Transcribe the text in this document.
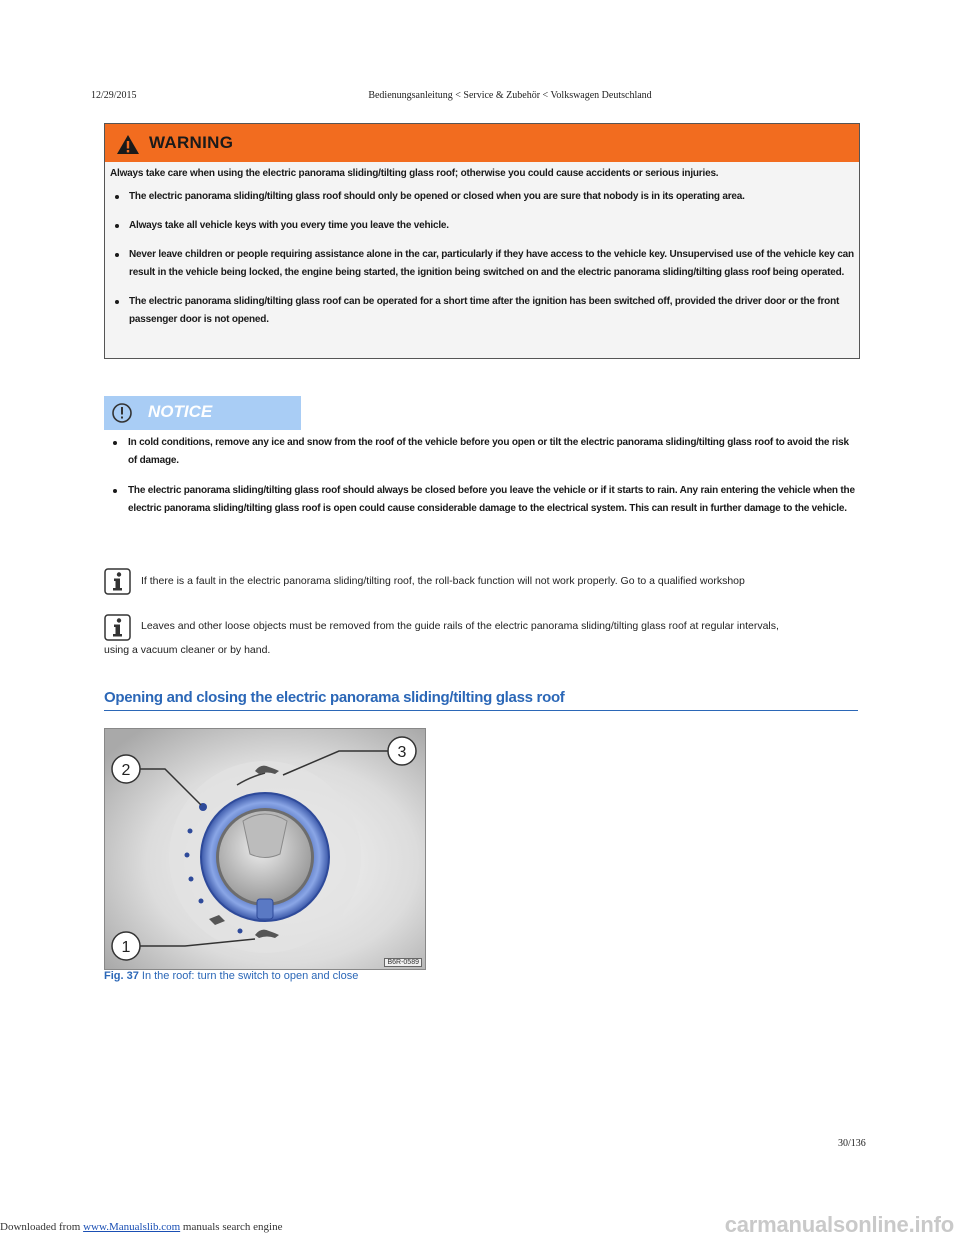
12/29/2015	Bedienungsanleitung < Service & Zubehör < Volkswagen Deutschland
WARNING
Always take care when using the electric panorama sliding/tilting glass roof; otherwise you could cause accidents or serious injuries.
The electric panorama sliding/tilting glass roof should only be opened or closed when you are sure that nobody is in its operating area.
Always take all vehicle keys with you every time you leave the vehicle.
Never leave children or people requiring assistance alone in the car, particularly if they have access to the vehicle key. Unsupervised use of the vehicle key can result in the vehicle being locked, the engine being started, the ignition being switched on and the electric panorama sliding/tilting glass roof being operated.
The electric panorama sliding/tilting glass roof can be operated for a short time after the ignition has been switched off, provided the driver door or the front passenger door is not opened.
NOTICE
In cold conditions, remove any ice and snow from the roof of the vehicle before you open or tilt the electric panorama sliding/tilting glass roof to avoid the risk of damage.
The electric panorama sliding/tilting glass roof should always be closed before you leave the vehicle or if it starts to rain. Any rain entering the vehicle when the electric panorama sliding/tilting glass roof is open could cause considerable damage to the electrical system. This can result in further damage to the vehicle.
If there is a fault in the electric panorama sliding/tilting roof, the roll-back function will not work properly. Go to a qualified workshop
Leaves and other loose objects must be removed from the guide rails of the electric panorama sliding/tilting glass roof at regular intervals,
using a vacuum cleaner or by hand.
Opening and closing the electric panorama sliding/tilting glass roof
2
3
1
B6R-0589
Fig. 37 In the roof: turn the switch to open and close
30/136
Downloaded from www.Manualslib.com manuals search engine	carmanualsonline.info
